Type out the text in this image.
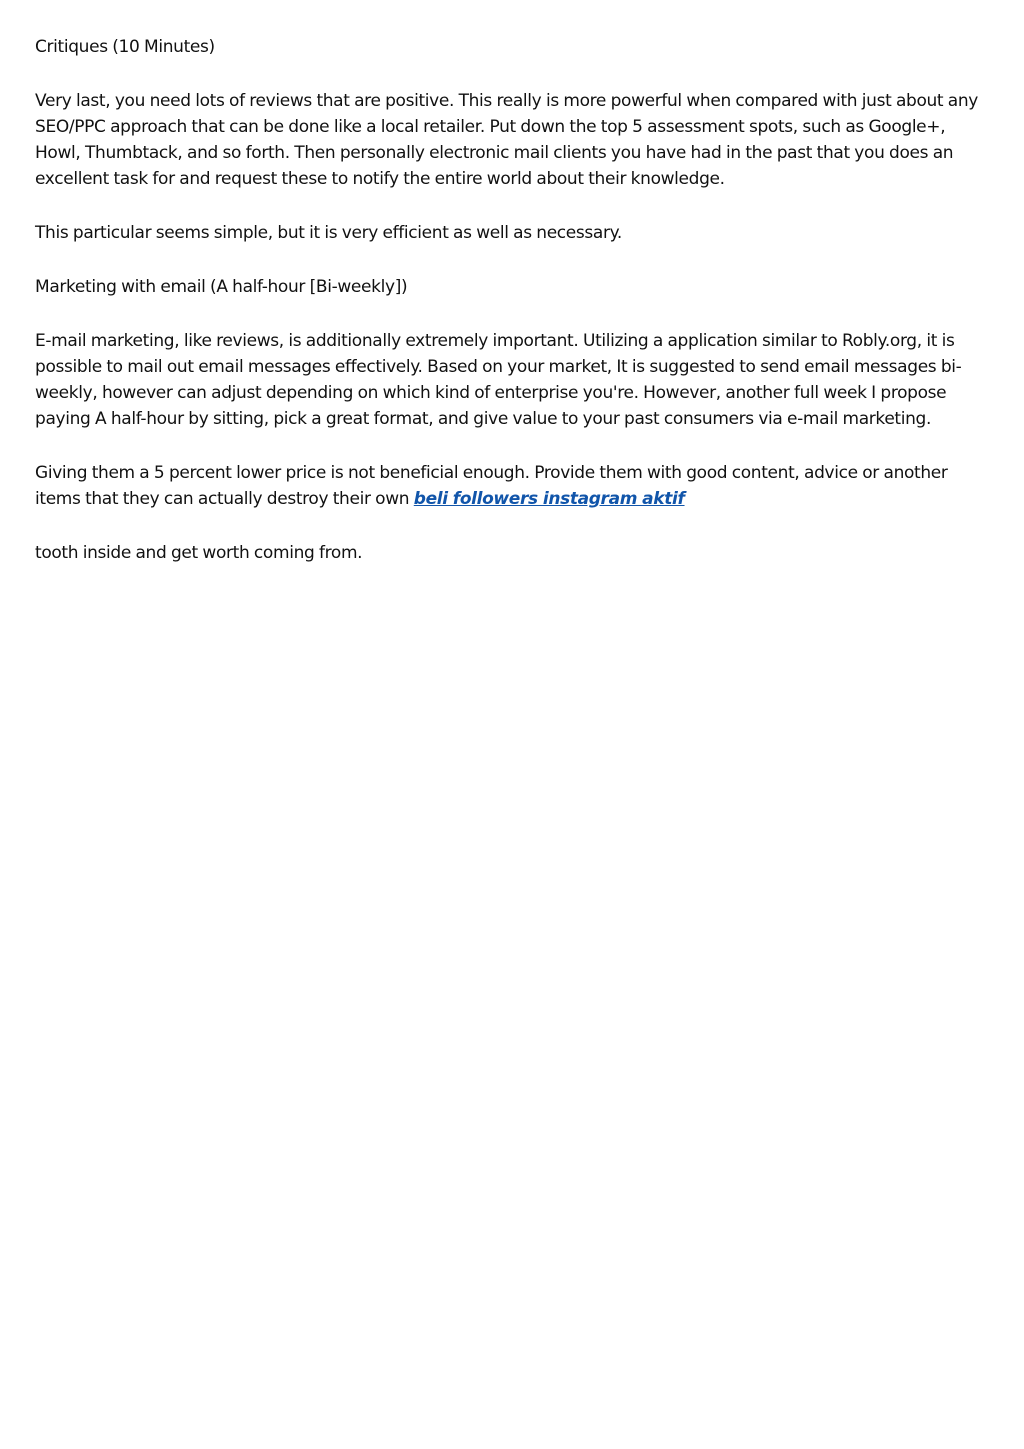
Critiques (10 Minutes)

Very last, you need lots of reviews that are positive. This really is more powerful when compared with just about any SEO/PPC approach that can be done like a local retailer. Put down the top 5 assessment spots, such as Google+, Howl, Thumbtack, and so forth. Then personally electronic mail clients you have had in the past that you does an excellent task for and request these to notify the entire world about their knowledge.

This particular seems simple, but it is very efficient as well as necessary.

Marketing with email (A half-hour [Bi-weekly])

E-mail marketing, like reviews, is additionally extremely important. Utilizing a application similar to Robly.org, it is possible to mail out email messages effectively. Based on your market, It is suggested to send email messages bi-weekly, however can adjust depending on which kind of enterprise you're. However, another full week I propose paying A half-hour by sitting, pick a great format, and give value to your past consumers via e-mail marketing.

Giving them a 5 percent lower price is not beneficial enough. Provide them with good content, advice or another items that they can actually destroy their own beli followers instagram aktif

tooth inside and get worth coming from.
